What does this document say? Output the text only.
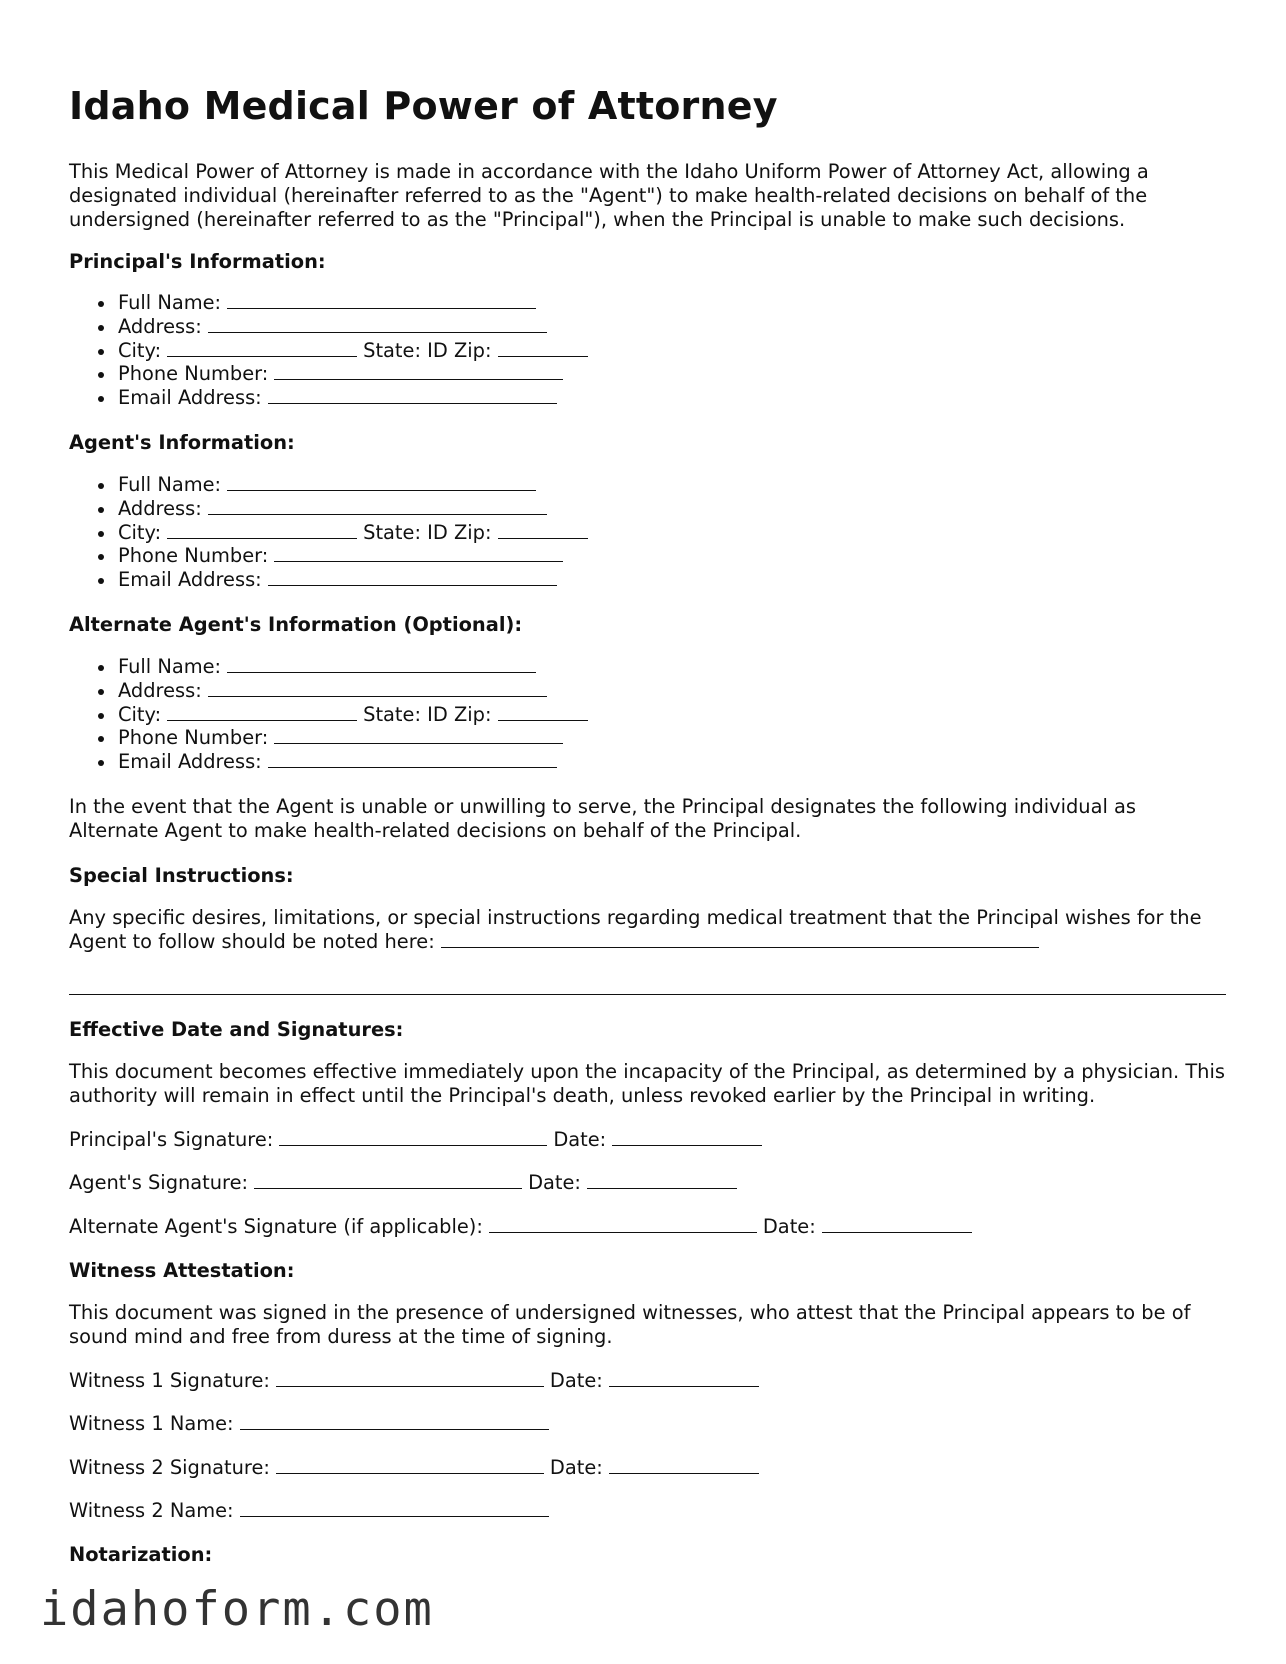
Idaho Medical Power of Attorney

This Medical Power of Attorney is made in accordance with the Idaho Uniform Power of Attorney Act, allowing a designated individual (hereinafter referred to as the "Agent") to make health-related decisions on behalf of the undersigned (hereinafter referred to as the "Principal"), when the Principal is unable to make such decisions.

Principal's Information:
Full Name:
Address:
City:	State: ID Zip:
Phone Number:
Email Address:
Agent's Information:
Full Name:
Address:
City:	State: ID Zip:
Phone Number:
Email Address:
Alternate Agent's Information (Optional):
Full Name:
Address:
City:	State: ID Zip:
Phone Number:
Email Address:

In the event that the Agent is unable or unwilling to serve, the Principal designates the following individual as Alternate Agent to make health-related decisions on behalf of the Principal.

Special Instructions:

Any specific desires, limitations, or special instructions regarding medical treatment that the Principal wishes for the Agent to follow should be noted here:

Effective Date and Signatures:

This document becomes effective immediately upon the incapacity of the Principal, as determined by a physician. This authority will remain in effect until the Principal's death, unless revoked earlier by the Principal in writing.

Principal's Signature:	Date:
Agent's Signature:	Date:
Alternate Agent's Signature (if applicable):	Date:
Witness Attestation:

This document was signed in the presence of undersigned witnesses, who attest that the Principal appears to be of sound mind and free from duress at the time of signing.

Witness 1 Signature:	Date:
Witness 1 Name:
Witness 2 Signature:	Date:
Witness 2 Name:
Notarization:
idahoform.com
